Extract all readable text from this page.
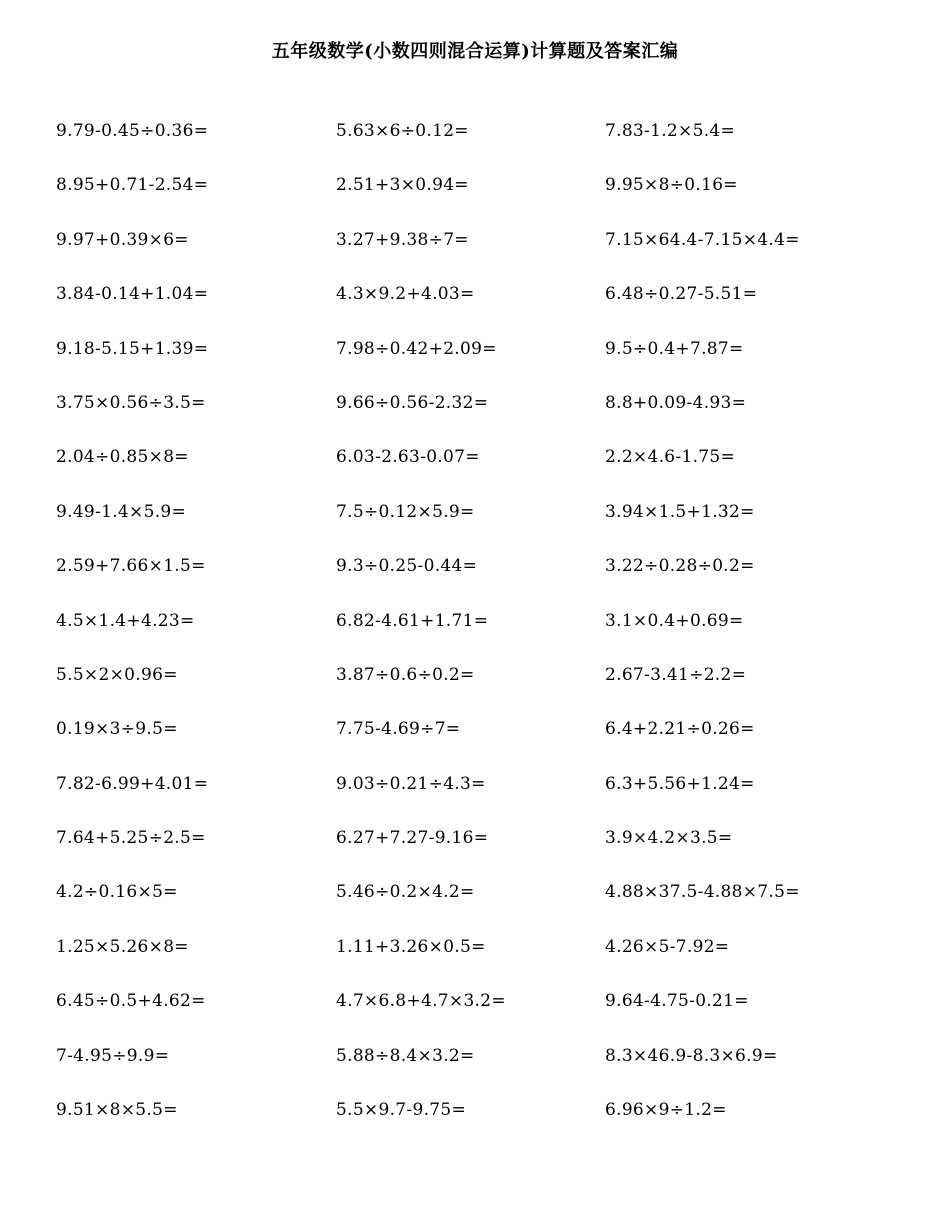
五年级数学(小数四则混合运算)计算题及答案汇编
9.79-0.45÷0.36=	5.63×6÷0.12=	7.83-1.2×5.4=
8.95+0.71-2.54=	2.51+3×0.94=	9.95×8÷0.16=
9.97+0.39×6=	3.27+9.38÷7=	7.15×64.4-7.15×4.4=
3.84-0.14+1.04=	4.3×9.2+4.03=	6.48÷0.27-5.51=
9.18-5.15+1.39=	7.98÷0.42+2.09=	9.5÷0.4+7.87=
3.75×0.56÷3.5=	9.66÷0.56-2.32=	8.8+0.09-4.93=
2.04÷0.85×8=	6.03-2.63-0.07=	2.2×4.6-1.75=
9.49-1.4×5.9=	7.5÷0.12×5.9=	3.94×1.5+1.32=
2.59+7.66×1.5=	9.3÷0.25-0.44=	3.22÷0.28÷0.2=
4.5×1.4+4.23=	6.82-4.61+1.71=	3.1×0.4+0.69=
5.5×2×0.96=	3.87÷0.6÷0.2=	2.67-3.41÷2.2=
0.19×3÷9.5=	7.75-4.69÷7=	6.4+2.21÷0.26=
7.82-6.99+4.01=	9.03÷0.21÷4.3=	6.3+5.56+1.24=
7.64+5.25÷2.5=	6.27+7.27-9.16=	3.9×4.2×3.5=
4.2÷0.16×5=	5.46÷0.2×4.2=	4.88×37.5-4.88×7.5=
1.25×5.26×8=	1.11+3.26×0.5=	4.26×5-7.92=
6.45÷0.5+4.62=	4.7×6.8+4.7×3.2=	9.64-4.75-0.21=
7-4.95÷9.9=	5.88÷8.4×3.2=	8.3×46.9-8.3×6.9=
9.51×8×5.5=	5.5×9.7-9.75=	6.96×9÷1.2=
